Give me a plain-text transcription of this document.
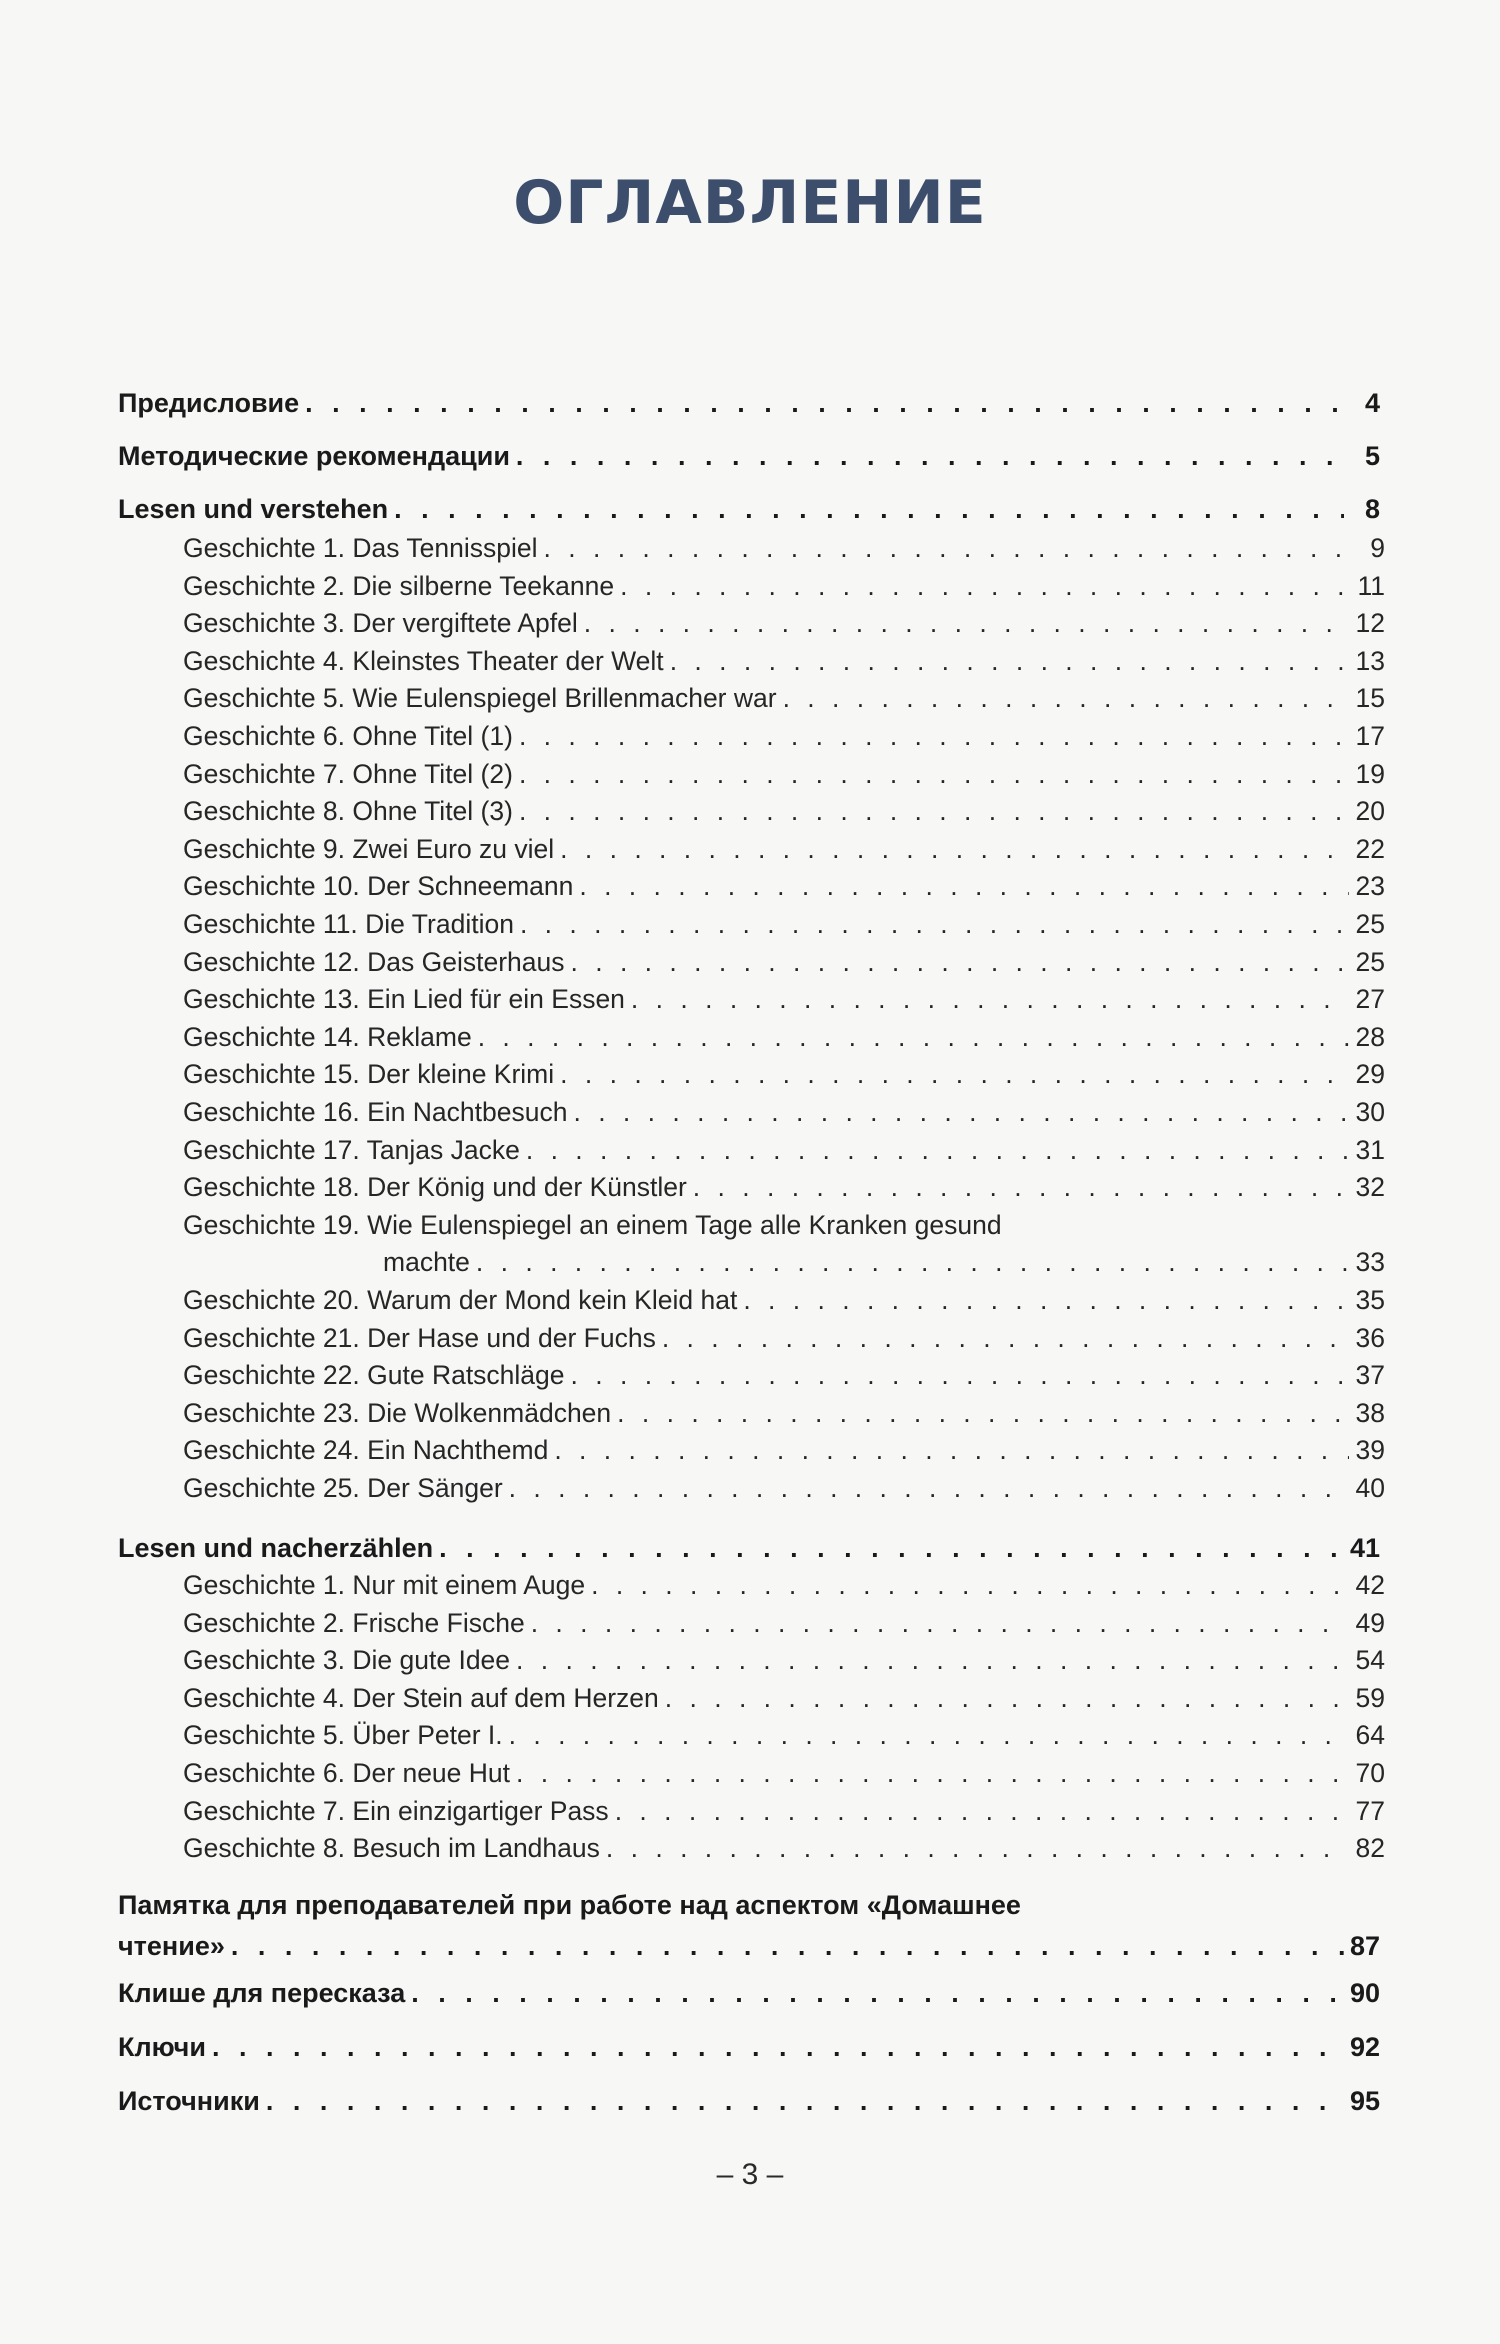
ОГЛАВЛЕНИЕ
Предисловие . . .	4
Методические рекомендации . . .	5
Lesen und verstehen . . .	8
Geschichte 1. Das Tennisspiel . . .	9
Geschichte 2. Die silberne Teekanne . . .	11
Geschichte 3. Der vergiftete Apfel . . .	12
Geschichte 4. Kleinstes Theater der Welt . . .	13
Geschichte 5. Wie Eulenspiegel Brillenmacher war . . .	15
Geschichte 6. Ohne Titel (1) . . .	17
Geschichte 7. Ohne Titel (2) . . .	19
Geschichte 8. Ohne Titel (3) . . .	20
Geschichte 9. Zwei Euro zu viel . . .	22
Geschichte 10. Der Schneemann . . .	23
Geschichte 11. Die Tradition . . .	25
Geschichte 12. Das Geisterhaus . . .	25
Geschichte 13. Ein Lied für ein Essen . . .	27
Geschichte 14. Reklame . . .	28
Geschichte 15. Der kleine Krimi . . .	29
Geschichte 16. Ein Nachtbesuch . . .	30
Geschichte 17. Tanjas Jacke . . .	31
Geschichte 18. Der König und der Künstler . . .	32
Geschichte 19. Wie Eulenspiegel an einem Tage alle Kranken gesund
machte . . .	33
Geschichte 20. Warum der Mond kein Kleid hat . . .	35
Geschichte 21. Der Hase und der Fuchs . . .	36
Geschichte 22. Gute Ratschläge . . .	37
Geschichte 23. Die Wolkenmädchen . . .	38
Geschichte 24. Ein Nachthemd . . .	39
Geschichte 25. Der Sänger . . .	40
Lesen und nacherzählen . . .	41
Geschichte 1. Nur mit einem Auge . . .	42
Geschichte 2. Frische Fische . . .	49
Geschichte 3. Die gute Idee . . .	54
Geschichte 4. Der Stein auf dem Herzen . . .	59
Geschichte 5. Über Peter I. . . .	64
Geschichte 6. Der neue Hut . . .	70
Geschichte 7. Ein einzigartiger Pass . . .	77
Geschichte 8. Besuch im Landhaus . . .	82
Памятка для преподавателей при работе над аспектом «Домашнее
чтение» . . .	87
Клише для пересказа . . .	90
Ключи . . .	92
Источники . . .	95
– 3 –
